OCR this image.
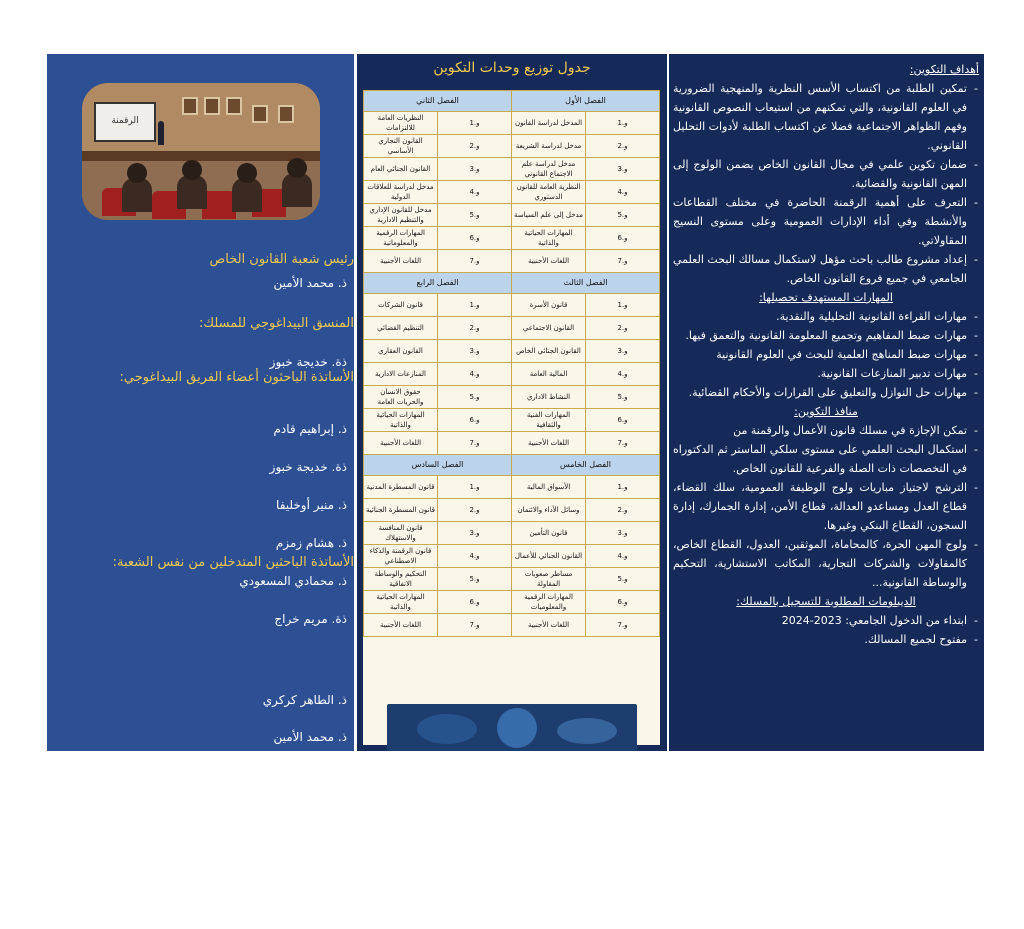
الرقمنة
رئيس شعبة القانون الخاص
- ذ. محمد الأمين
المنسق البيداغوجي للمسلك:
- ذة. خديجة خبوز
الأساتذة الباحثون أعضاء الفريق البيداغوجي:
- ذ. إبراهيم قادم
- ذة. خديجة خبوز
- ذ. منير أوخليفا
- ذ. هشام زمزم
- ذ. محمادي المسعودي
- ذة. مريم خراج
الأساتذة الباحثين المتدخلين من نفس الشعبة:
- ذ. الطاهر كركري
- ذ. محمد الأمين
- ذ. جمال الخمار
- ذ. يوسف علاي
- ذة. ابتسام علي
- ذ. مراد دهام
- ذ. محمد المنصور
جدول توزيع وحدات التكوين
الفصل الأول		الفصل الثاني	
و.1	المدخل لدراسة القانون	و.1	النظريات العامة للالتزامات
و.2	مدخل لدراسة الشريعة	و.2	القانون التجاري الأساسي
و.3	مدخل لدراسة علم الاجتماع القانوني	و.3	القانون الجنائي العام
و.4	النظرية العامة للقانون الدستوري	و.4	مدخل لدراسة للعلاقات الدولية
و.5	مدخل إلى علم السياسة	و.5	مدخل للقانون الإداري والتنظيم الادارية
و.6	المهارات الحياتية والذاتية	و.6	المهارات الرقمية والمعلوماتية
و.7	اللغات الأجنبية	و.7	اللغات الأجنبية
الفصل الثالث		الفصل الرابع	
و.1	قانون الأسرة	و.1	قانون الشركات
و.2	القانون الاجتماعي	و.2	التنظيم القضائي
و.3	القانون الجنائي الخاص	و.3	القانون العقاري
و.4	المالية العامة	و.4	المنازعات الادارية
و.5	النشاط الاداري	و.5	حقوق الانسان والحريات العامة
و.6	المهارات الفنية والثقافية	و.6	المهارات الحياتية والذاتية
و.7	اللغات الأجنبية	و.7	اللغات الأجنبية
الفصل الخامس		الفصل السادس	
و.1	الأسواق المالية	و.1	قانون المسطرة المدنية
و.2	وسائل الأداء والائتمان	و.2	قانون المسطرة الجنائية
و.3	قانون التأمين	و.3	قانون المنافسة والاستهلاك
و.4	القانون الجنائي للأعمال	و.4	قانون الرقمنة والذكاء الاصطناعي
و.5	مساطر صعوبات المقاولة	و.5	التحكيم والوساطة الاتفاقية
و.6	المهارات الرقمية والمعلوميات	و.6	المهارات الحياتية والذاتية
و.7	اللغات الأجنبية	و.7	اللغات الأجنبية
أهداف التكوين:
- تمكين الطلبة من اكتساب الأسس النظرية والمنهجية الضرورية في العلوم القانونية، والتي تمكنهم من استيعاب النصوص القانونية وفهم الظواهر الاجتماعية فضلا عن اكتساب الطلبة لأدوات التحليل القانوني.
- ضمان تكوين علمي في مجال القانون الخاص يضمن الولوج إلى المهن القانونية والقضائية.
- التعرف على أهمية الرقمنة الحاضرة في مختلف القطاعات والأنشطة وفي أداء الإدارات العمومية وعلى مستوى النسيج المقاولاتي.
- إعداد مشروع طالب باحث مؤهل لاستكمال مسالك البحث العلمي الجامعي في جميع فروع القانون الخاص.
المهارات المستهدف تحصيلها:
- مهارات القراءة القانونية التحليلية والنقدية.
- مهارات ضبط المفاهيم وتجميع المعلومة القانونية والتعمق فيها.
- مهارات ضبط المناهج العلمية للبحث في العلوم القانونية
- مهارات تدبير المنازعات القانونية.
- مهارات حل النوازل والتعليق على القرارات والأحكام القضائية.
منافذ التكوين:
- تمكن الإجازة في مسلك قانون الأعمال والرقمنة من
- استكمال البحث العلمي على مستوى سلكي الماستر ثم الدكتوراه في التخصصات ذات الصلة والفرعية للقانون الخاص.
- الترشح لاجتياز مباريات ولوج الوظيفة العمومية، سلك القضاء، قطاع العدل ومساعدو العدالة، قطاع الأمن، إدارة الجمارك، إدارة السجون، القطاع البنكي وغيرها.
- ولوج المهن الحرة، كالمحاماة، الموثقين، العدول، القطاع الخاص، كالمقاولات والشركات التجارية، المكاتب الاستشارية، التحكيم والوساطة القانونية...
الديبلومات المطلوبة للتسجيل بالمسلك:
- ابتداء من الدخول الجامعي: 2023-2024
- مفتوح لجميع المسالك.
